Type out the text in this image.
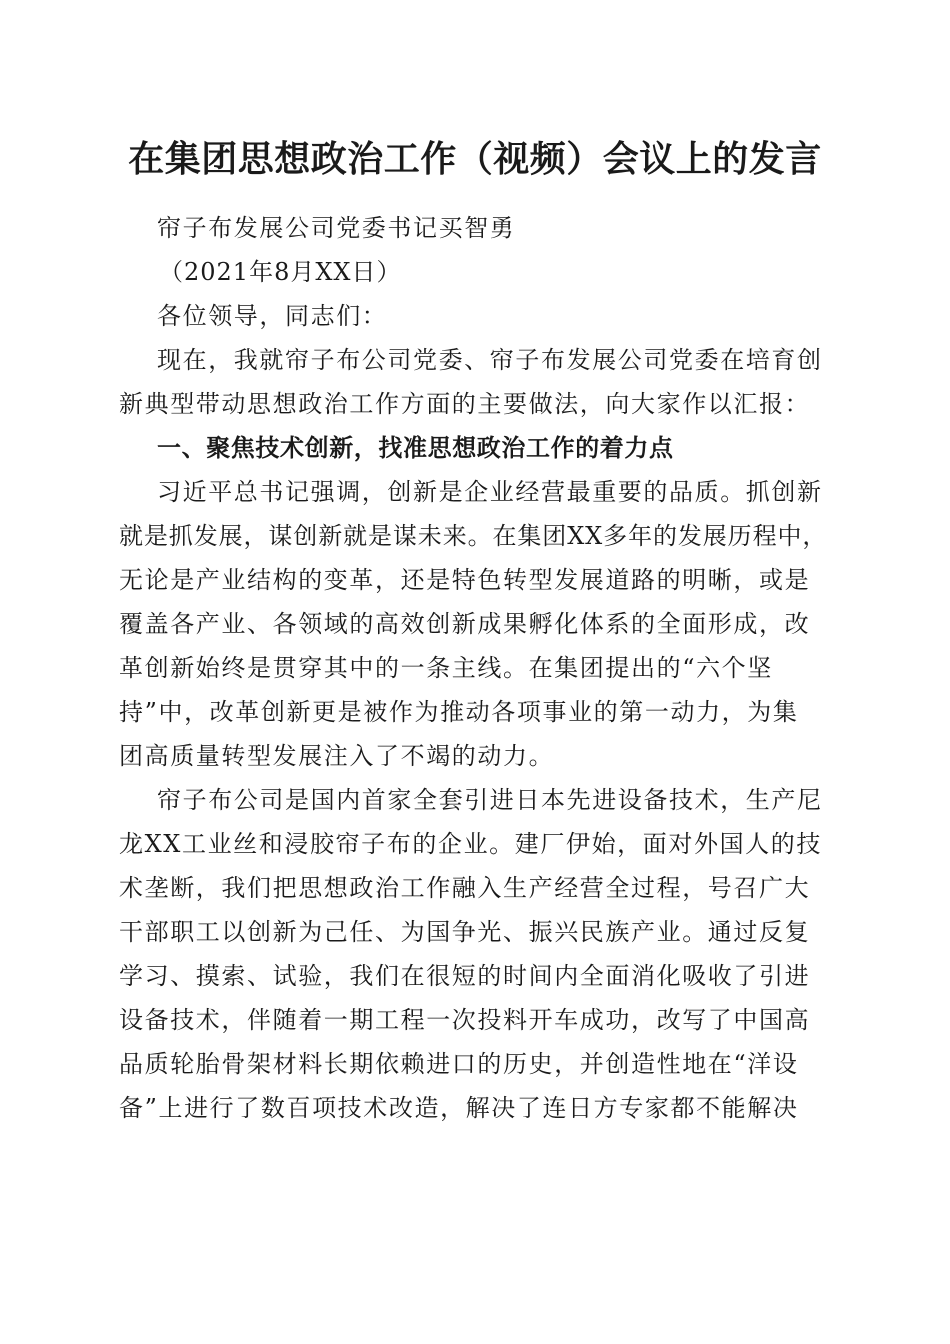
在集团思想政治工作（视频）会议上的发言

帘子布发展公司党委书记买智勇

（2021年8月XX日）

各位领导，同志们：

现在，我就帘子布公司党委、帘子布发展公司党委在培育创

新典型带动思想政治工作方面的主要做法，向大家作以汇报：

一、聚焦技术创新，找准思想政治工作的着力点

习近平总书记强调，创新是企业经营最重要的品质。抓创新

就是抓发展，谋创新就是谋未来。在集团XX多年的发展历程中，

无论是产业结构的变革，还是特色转型发展道路的明晰，或是

覆盖各产业、各领域的高效创新成果孵化体系的全面形成，改

革创新始终是贯穿其中的一条主线。在集团提出的“六个坚

持”中，改革创新更是被作为推动各项事业的第一动力，为集

团高质量转型发展注入了不竭的动力。

帘子布公司是国内首家全套引进日本先进设备技术，生产尼

龙XX工业丝和浸胶帘子布的企业。建厂伊始，面对外国人的技

术垄断，我们把思想政治工作融入生产经营全过程，号召广大

干部职工以创新为己任、为国争光、振兴民族产业。通过反复

学习、摸索、试验，我们在很短的时间内全面消化吸收了引进

设备技术，伴随着一期工程一次投料开车成功，改写了中国高

品质轮胎骨架材料长期依赖进口的历史，并创造性地在“洋设

备”上进行了数百项技术改造，解决了连日方专家都不能解决
